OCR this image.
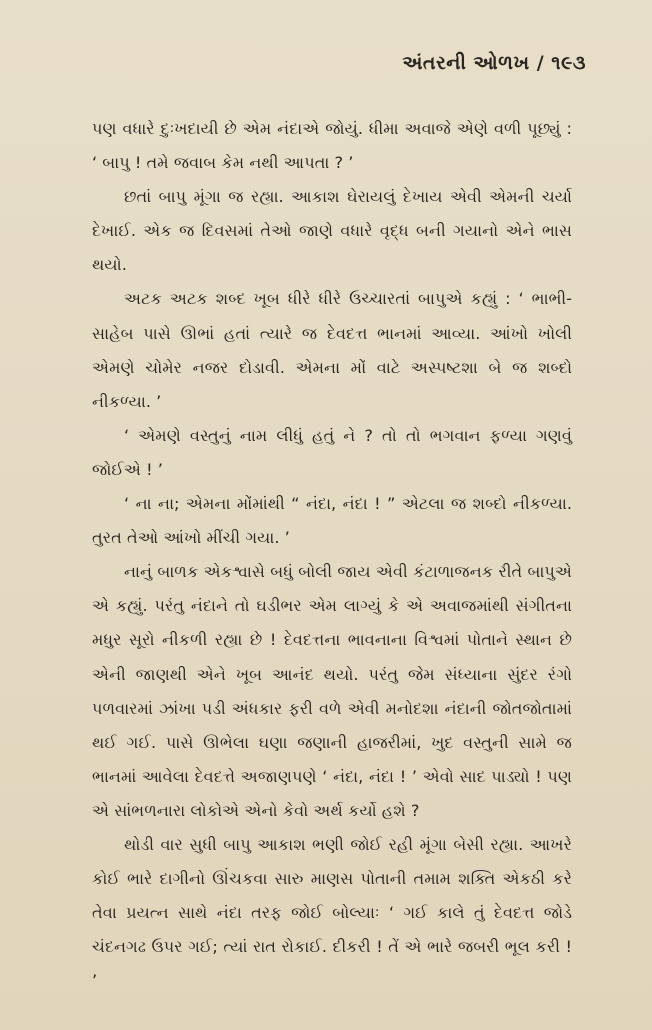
અંતરની ઓળખ / ૧૯૩

પણ વધારે દુઃખદાયી છે એમ નંદાએ જોયું. ધીમા અવાજે એણે વળી પૂછ્યું : ‘ બાપુ ! તમે જવાબ કેમ નથી આપતા ? ’

છતાં બાપુ મૂંગા જ રહ્યા. આકાશ ઘેરાયલું દેખાય એવી એમની ચર્યા દેખાઈ. એક જ દિવસમાં તેઓ જાણે વધારે વૃદ્ધ બની ગયાનો એને ભાસ થયો.

અટક અટક શબ્દ ખૂબ ધીરે ધીરે ઉચ્ચારતાં બાપુએ કહ્યું : ‘ ભાભી-સાહેબ પાસે ઊભાં હતાં ત્યારે જ દેવદત્ત ભાનમાં આવ્યા. આંખો ખોલી એમણે ચોમેર નજર દોડાવી. એમના મોં વાટે અસ્પષ્ટશા બે જ શબ્દો નીકળ્યા. ’

‘ એમણે વસ્તુનું નામ લીધું હતું ને ? તો તો ભગવાન ફળ્યા ગણવું જોઈએ ! ’

‘ ના ના; એમના મોંમાંથી “ નંદા, નંદા ! ” એટલા જ શબ્દો નીકળ્યા. તુરત તેઓ આંખો મીંચી ગયા. ’

નાનું બાળક એકશ્વાસે બધું બોલી જાય એવી કંટાળાજનક રીતે બાપુએ એ કહ્યું. પરંતુ નંદાને તો ઘડીભર એમ લાગ્યું કે એ અવાજમાંથી સંગીતના મધુર સૂરો નીકળી રહ્યા છે ! દેવદત્તના ભાવનાના વિશ્વમાં પોતાને સ્થાન છે એની જાણથી એને ખૂબ આનંદ થયો. પરંતુ જેમ સંધ્યાના સુંદર રંગો પળવારમાં ઝાંખા પડી અંધકાર ફરી વળે એવી મનોદશા નંદાની જોતજોતામાં થઈ ગઈ. પાસે ઊભેલા ઘણા જણાની હાજરીમાં, ખુદ વસ્તુની સામે જ ભાનમાં આવેલા દેવદત્તે અજાણપણે ‘ નંદા, નંદા ! ’ એવો સાદ પાડ્યો ! પણ એ સાંભળનારા લોકોએ એનો કેવો અર્થ કર્યો હશે ?

થોડી વાર સુધી બાપુ આકાશ ભણી જોઈ રહી મૂંગા બેસી રહ્યા. આખરે કોઈ ભારે દાગીનો ઊંચકવા સારુ માણસ પોતાની તમામ શક્તિ એકઠી કરે તેવા પ્રયત્ન સાથે નંદા તરફ જોઈ બોલ્યાઃ ‘ ગઈ કાલે તું દેવદત્ત જોડે ચંદનગઢ ઉપર ગઈ; ત્યાં રાત રોકાઈ. દીકરી ! તેં એ ભારે જબરી ભૂલ કરી ! ’
